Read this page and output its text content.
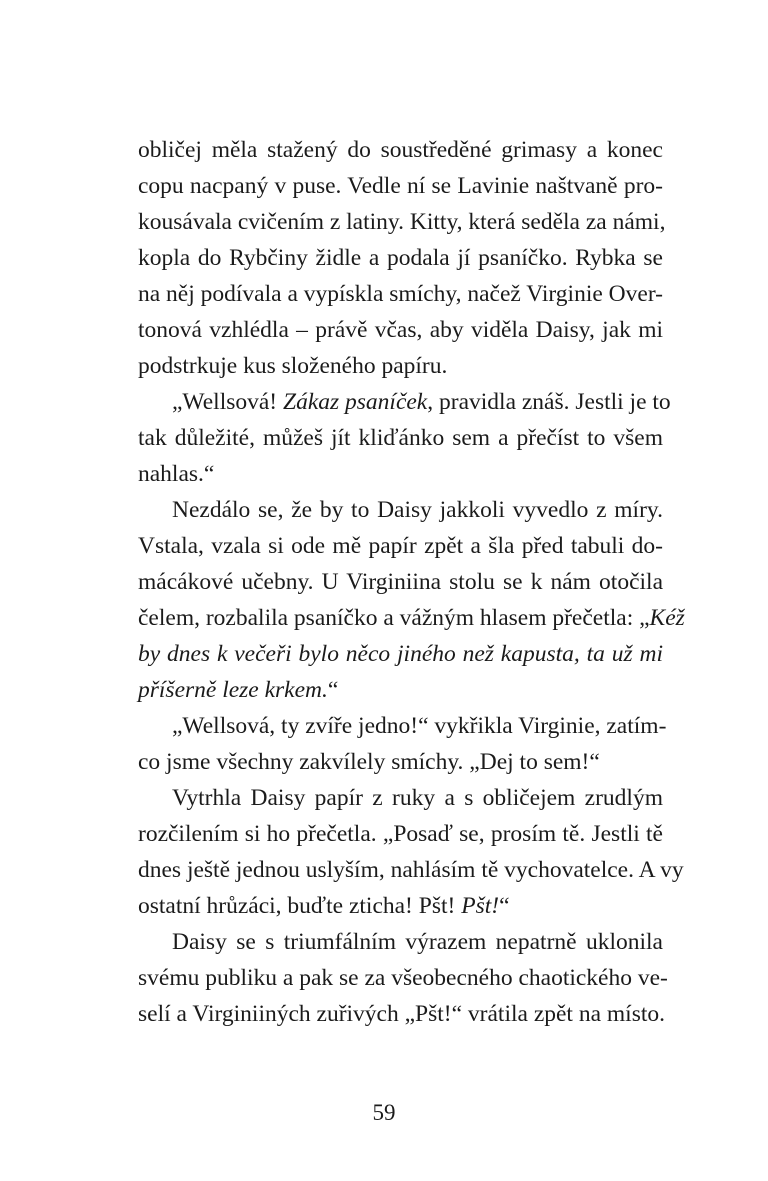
obličej měla stažený do soustředěné grimasy a konec
copu nacpaný v puse. Vedle ní se Lavinie naštvaně pro-
kousávala cvičením z latiny. Kitty, která seděla za námi,
kopla do Rybčiny židle a podala jí psaníčko. Rybka se
na něj podívala a vypískla smíchy, načež Virginie Over-
tonová vzhlédla – právě včas, aby viděla Daisy, jak mi
podstrkuje kus složeného papíru.
„Wellsová! Zákaz psaníček, pravidla znáš. Jestli je to
tak důležité, můžeš jít kliďánko sem a přečíst to všem
nahlas.“
Nezdálo se, že by to Daisy jakkoli vyvedlo z míry.
Vstala, vzala si ode mě papír zpět a šla před tabuli do-
mácákové učebny. U Virginiina stolu se k nám otočila
čelem, rozbalila psaníčko a vážným hlasem přečetla: „Kéž
by dnes k večeři bylo něco jiného než kapusta, ta už mi
příšerně leze krkem.“
„Wellsová, ty zvíře jedno!“ vykřikla Virginie, zatím-
co jsme všechny zakvílely smíchy. „Dej to sem!“
Vytrhla Daisy papír z ruky a s obličejem zrudlým
rozčilením si ho přečetla. „Posaď se, prosím tě. Jestli tě
dnes ještě jednou uslyším, nahlásím tě vychovatelce. A vy
ostatní hrůzáci, buďte zticha! Pšt! Pšt!“
Daisy se s triumfálním výrazem nepatrně uklonila
svému publiku a pak se za všeobecného chaotického ve-
selí a Virginiiných zuřivých „Pšt!“ vrátila zpět na místo.
59
